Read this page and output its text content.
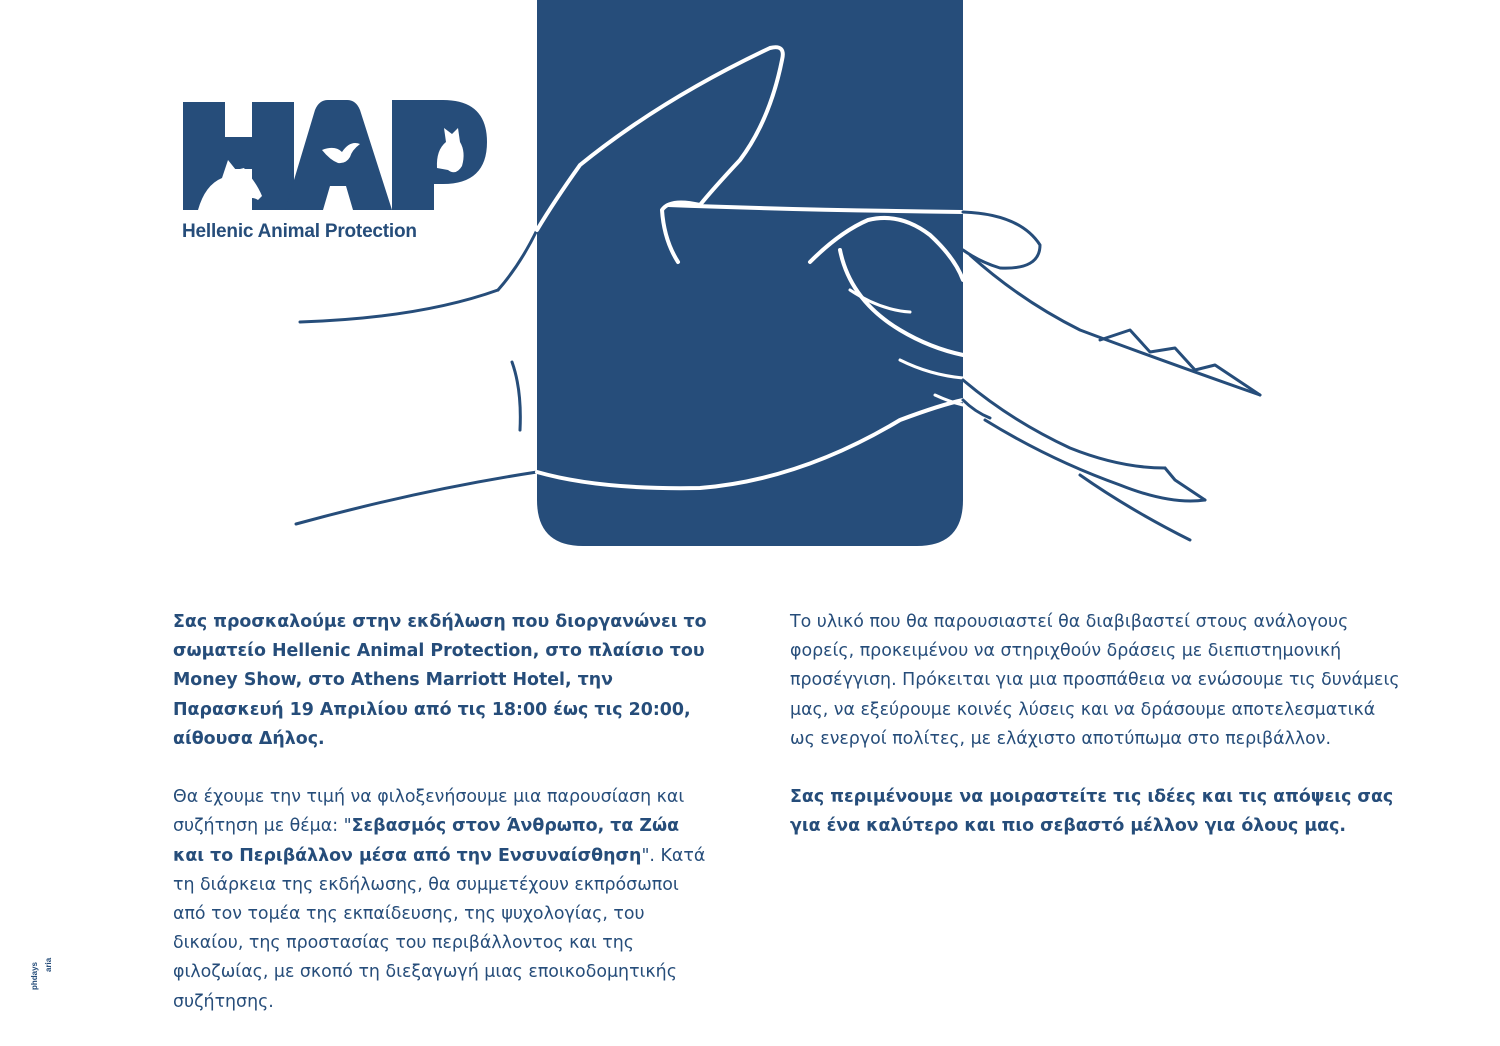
Hellenic Animal Protection

Σας προσκαλούμε στην εκδήλωση που διοργανώνει το σωματείο Hellenic Animal Protection, στο πλαίσιο του Money Show, στο Athens Marriott Hotel, την Παρασκευή 19 Απριλίου από τις 18:00 έως τις 20:00, αίθουσα Δήλος.

Θα έχουμε την τιμή να φιλοξενήσουμε μια παρουσίαση και συζήτηση με θέμα: "Σεβασμός στον Άνθρωπο, τα Ζώα και το Περιβάλλον μέσα από την Ενσυναίσθηση". Κατά τη διάρκεια της εκδήλωσης, θα συμμετέχουν εκπρόσωποι από τον τομέα της εκπαίδευσης, της ψυχολογίας, του δικαίου, της προστασίας του περιβάλλοντος και της φιλοζωίας, με σκοπό τη διεξαγωγή μιας εποικοδομητικής συζήτησης.

Το υλικό που θα παρουσιαστεί θα διαβιβαστεί στους ανάλογους φορείς, προκειμένου να στηριχθούν δράσεις με διεπιστημονική προσέγγιση. Πρόκειται για μια προσπάθεια να ενώσουμε τις δυνάμεις μας, να εξεύρουμε κοινές λύσεις και να δράσουμε αποτελεσματικά ως ενεργοί πολίτες, με ελάχιστο αποτύπωμα στο περιβάλλον.

Σας περιμένουμε να μοιραστείτε τις ιδέες και τις απόψεις σας για ένα καλύτερο και πιο σεβαστό μέλλον για όλους μας.

phdays aria
